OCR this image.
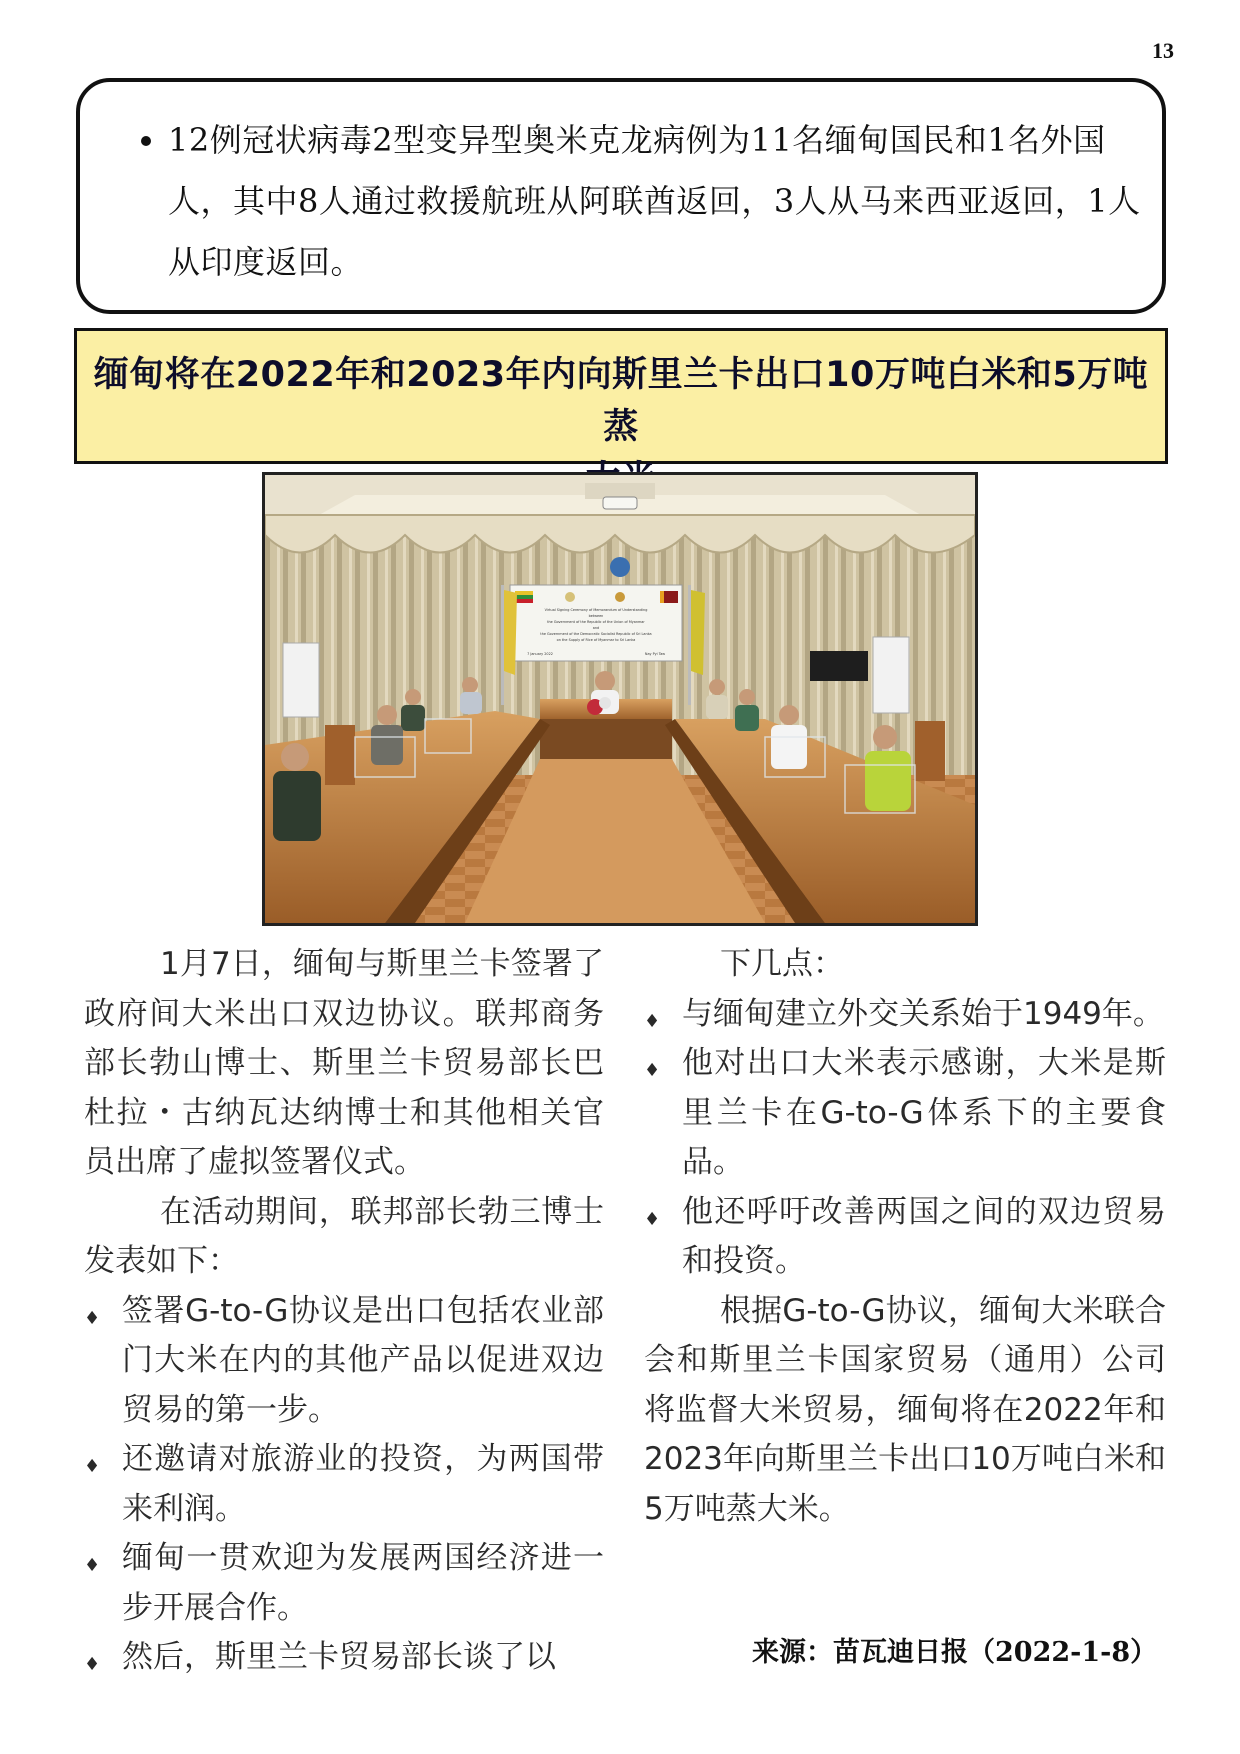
13
• 12例冠状病毒2型变异型奥米克龙病例为11名缅甸国民和1名外国人，其中8人通过救援航班从阿联酋返回，3人从马来西亚返回，1人从印度返回。
缅甸将在2022年和2023年内向斯里兰卡出口10万吨白米和5万吨蒸

Virtual Signing Ceremony of Memorandum of Understanding
between
the Government of the Republic of the Union of Myanmar
and
the Government of the Democratic Socialist Republic of Sri Lanka
on the Supply of Rice of Myanmar to Sri Lanka
7 January 2022	Nay Pyi Taw

1月7日，缅甸与斯里兰卡签署了政府间大米出口双边协议。联邦商务部长勃山博士、斯里兰卡贸易部长巴杜拉・古纳瓦达纳博士和其他相关官员出席了虚拟签署仪式。

在活动期间，联邦部长勃三博士发表如下：

♦ 签署G-to-G协议是出口包括农业部门大米在内的其他产品以促进双边贸易的第一步。

♦ 还邀请对旅游业的投资，为两国带来利润。

♦ 缅甸一贯欢迎为发展两国经济进一步开展合作。

♦ 然后，斯里兰卡贸易部长谈了以

下几点：

♦ 与缅甸建立外交关系始于1949年。

♦ 他对出口大米表示感谢，大米是斯里兰卡在G-to-G体系下的主要食品。

♦ 他还呼吁改善两国之间的双边贸易和投资。

根据G-to-G协议，缅甸大米联合会和斯里兰卡国家贸易（通用）公司将监督大米贸易，缅甸将在2022年和2023年向斯里兰卡出口10万吨白米和5万吨蒸大米。

来源：苗瓦迪日报（2022-1-8）
